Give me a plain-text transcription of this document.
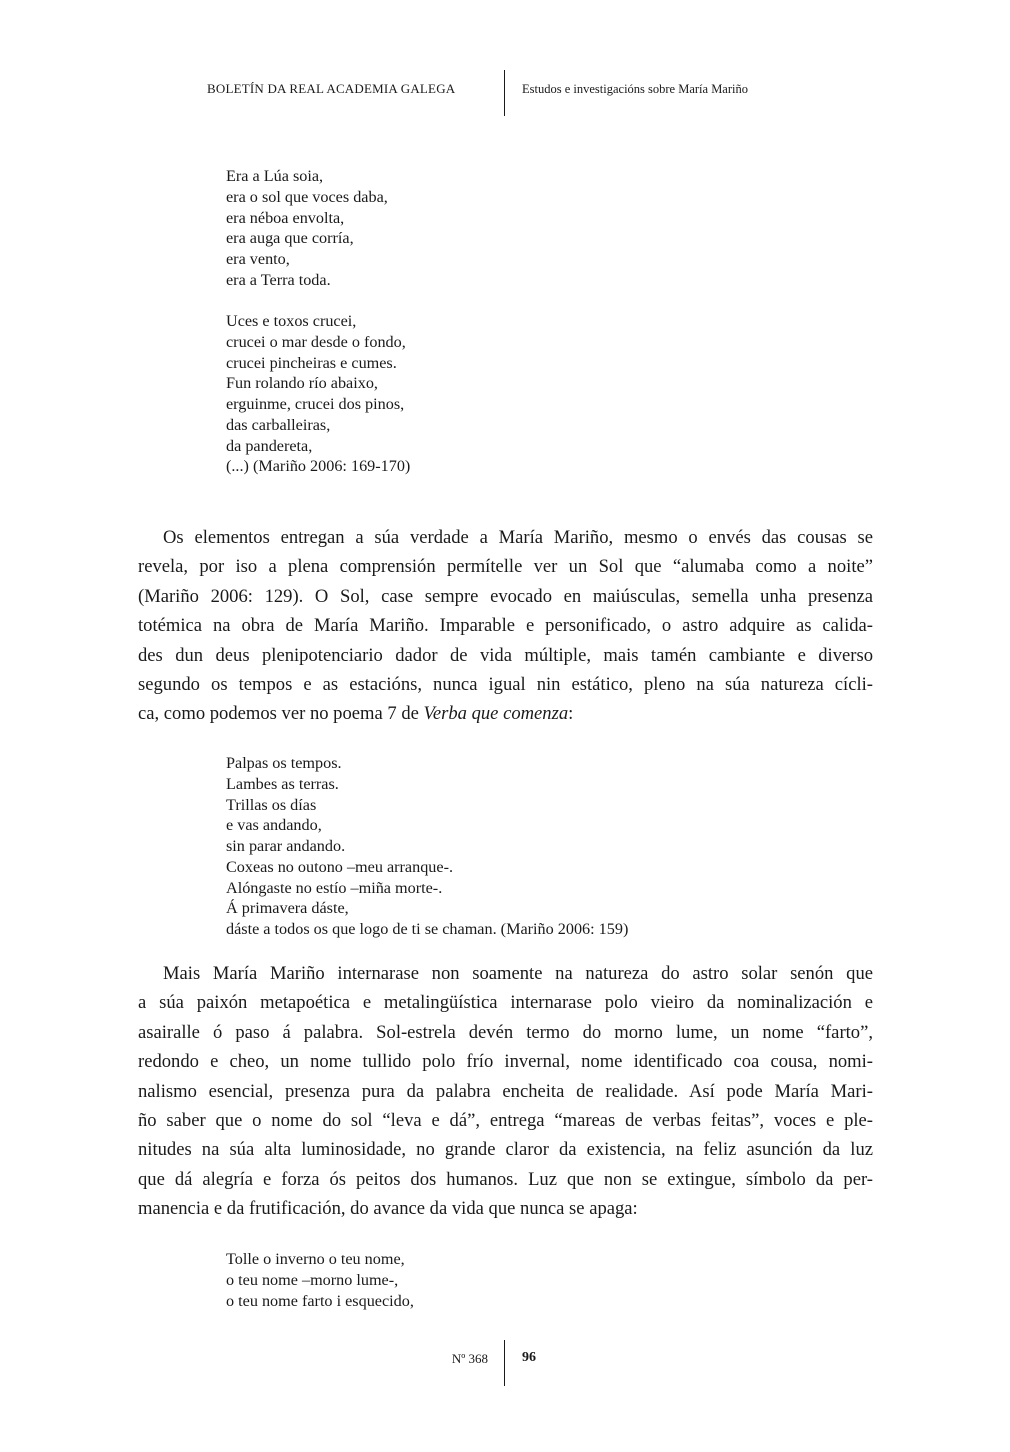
BOLETÍN DA REAL ACADEMIA GALEGA	Estudos e investigacións sobre María Mariño
Era a Lúa soia,
era o sol que voces daba,
era néboa envolta,
era auga que corría,
era vento,
era a Terra toda.
Uces e toxos crucei,
crucei o mar desde o fondo,
crucei pincheiras e cumes.
Fun rolando río abaixo,
erguinme, crucei dos pinos,
das carballeiras,
da pandereta,
(...) (Mariño 2006: 169-170)
Os elementos entregan a súa verdade a María Mariño, mesmo o envés das cousas se
revela, por iso a plena comprensión permítelle ver un Sol que “alumaba como a noite”
(Mariño 2006: 129). O Sol, case sempre evocado en maiúsculas, semella unha presenza
totémica na obra de María Mariño. Imparable e personificado, o astro adquire as calida-
des dun deus plenipotenciario dador de vida múltiple, mais tamén cambiante e diverso
segundo os tempos e as estacións, nunca igual nin estático, pleno na súa natureza cícli-
ca, como podemos ver no poema 7 de Verba que comenza:
Palpas os tempos.
Lambes as terras.
Trillas os días
e vas andando,
sin parar andando.
Coxeas no outono –meu arranque-.
Alóngaste no estío –miña morte-.
Á primavera dáste,
dáste a todos os que logo de ti se chaman. (Mariño 2006: 159)
Mais María Mariño internarase non soamente na natureza do astro solar senón que
a súa paixón metapoética e metalingüística internarase polo vieiro da nominalización e
asairalle ó paso á palabra. Sol-estrela devén termo do morno lume, un nome “farto”,
redondo e cheo, un nome tullido polo frío invernal, nome identificado coa cousa, nomi-
nalismo esencial, presenza pura da palabra encheita de realidade. Así pode María Mari-
ño saber que o nome do sol “leva e dá”, entrega “mareas de verbas feitas”, voces e ple-
nitudes na súa alta luminosidade, no grande claror da existencia, na feliz asunción da luz
que dá alegría e forza ós peitos dos humanos. Luz que non se extingue, símbolo da per-
manencia e da frutificación, do avance da vida que nunca se apaga:
Tolle o inverno o teu nome,
o teu nome –morno lume-,
o teu nome farto i esquecido,
Nº 368 96
